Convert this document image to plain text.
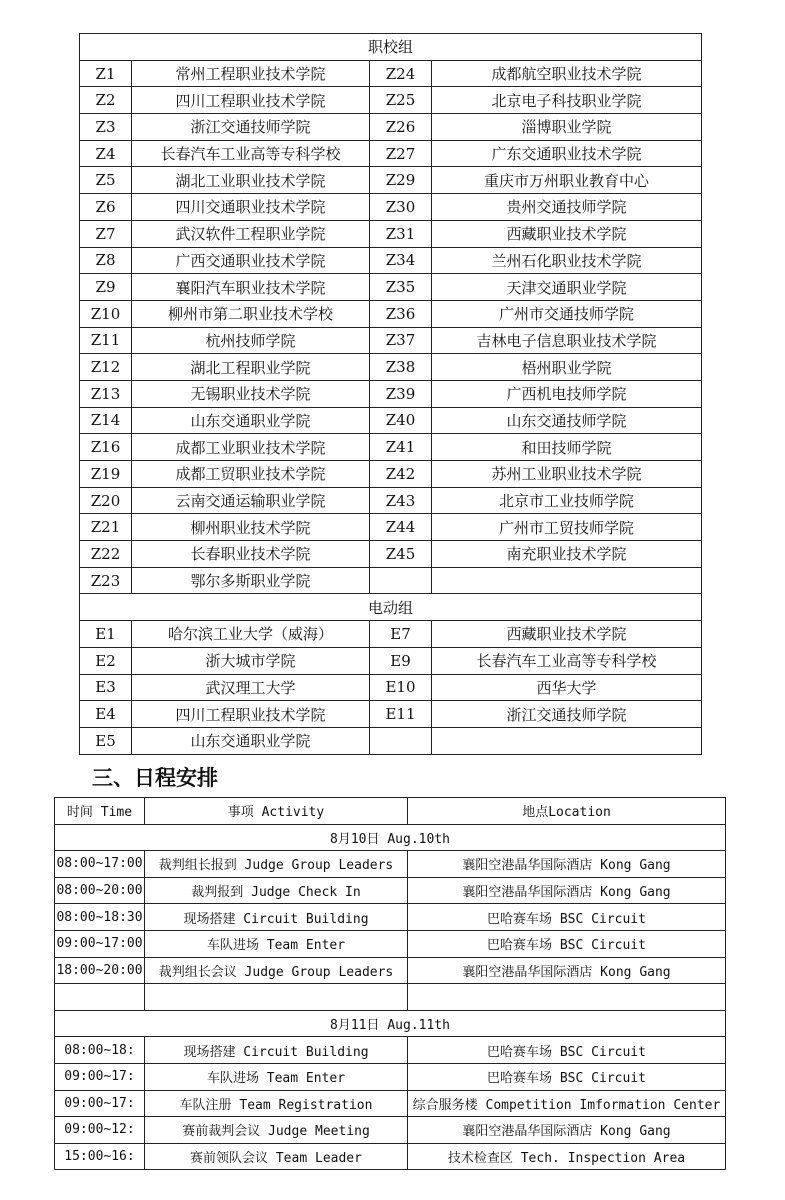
职校组			
Z1	常州工程职业技术学院	Z24	成都航空职业技术学院
Z2	四川工程职业技术学院	Z25	北京电子科技职业学院
Z3	浙江交通技师学院	Z26	淄博职业学院
Z4	长春汽车工业高等专科学校	Z27	广东交通职业技术学院
Z5	湖北工业职业技术学院	Z29	重庆市万州职业教育中心
Z6	四川交通职业技术学院	Z30	贵州交通技师学院
Z7	武汉软件工程职业学院	Z31	西藏职业技术学院
Z8	广西交通职业技术学院	Z34	兰州石化职业技术学院
Z9	襄阳汽车职业技术学院	Z35	天津交通职业学院
Z10	柳州市第二职业技术学校	Z36	广州市交通技师学院
Z11	杭州技师学院	Z37	吉林电子信息职业技术学院
Z12	湖北工程职业学院	Z38	梧州职业学院
Z13	无锡职业技术学院	Z39	广西机电技师学院
Z14	山东交通职业学院	Z40	山东交通技师学院
Z16	成都工业职业技术学院	Z41	和田技师学院
Z19	成都工贸职业技术学院	Z42	苏州工业职业技术学院
Z20	云南交通运输职业学院	Z43	北京市工业技师学院
Z21	柳州职业技术学院	Z44	广州市工贸技师学院
Z22	长春职业技术学院	Z45	南充职业技术学院
Z23	鄂尔多斯职业学院		
电动组			
E1	哈尔滨工业大学（威海）	E7	西藏职业技术学院
E2	浙大城市学院	E9	长春汽车工业高等专科学校
E3	武汉理工大学	E10	西华大学
E4	四川工程职业技术学院	E11	浙江交通技师学院
E5	山东交通职业学院		
三、日程安排
时间 Time	事项 Activity	地点Location
8月10日 Aug.10th		
08:00~17:00	裁判组长报到 Judge Group Leaders	襄阳空港晶华国际酒店 Kong Gang
08:00~20:00	裁判报到 Judge Check In	襄阳空港晶华国际酒店 Kong Gang
08:00~18:30	现场搭建 Circuit Building	巴哈赛车场 BSC Circuit
09:00~17:00	车队进场 Team Enter	巴哈赛车场 BSC Circuit
18:00~20:00	裁判组长会议 Judge Group Leaders	襄阳空港晶华国际酒店 Kong Gang

8月11日 Aug.11th		
08:00~18:	现场搭建 Circuit Building	巴哈赛车场 BSC Circuit
09:00~17:	车队进场 Team Enter	巴哈赛车场 BSC Circuit
09:00~17:	车队注册 Team Registration	综合服务楼 Competition Imformation Center
09:00~12:	赛前裁判会议 Judge Meeting	襄阳空港晶华国际酒店 Kong Gang
15:00~16:	赛前领队会议 Team Leader	技术检查区 Tech. Inspection Area
